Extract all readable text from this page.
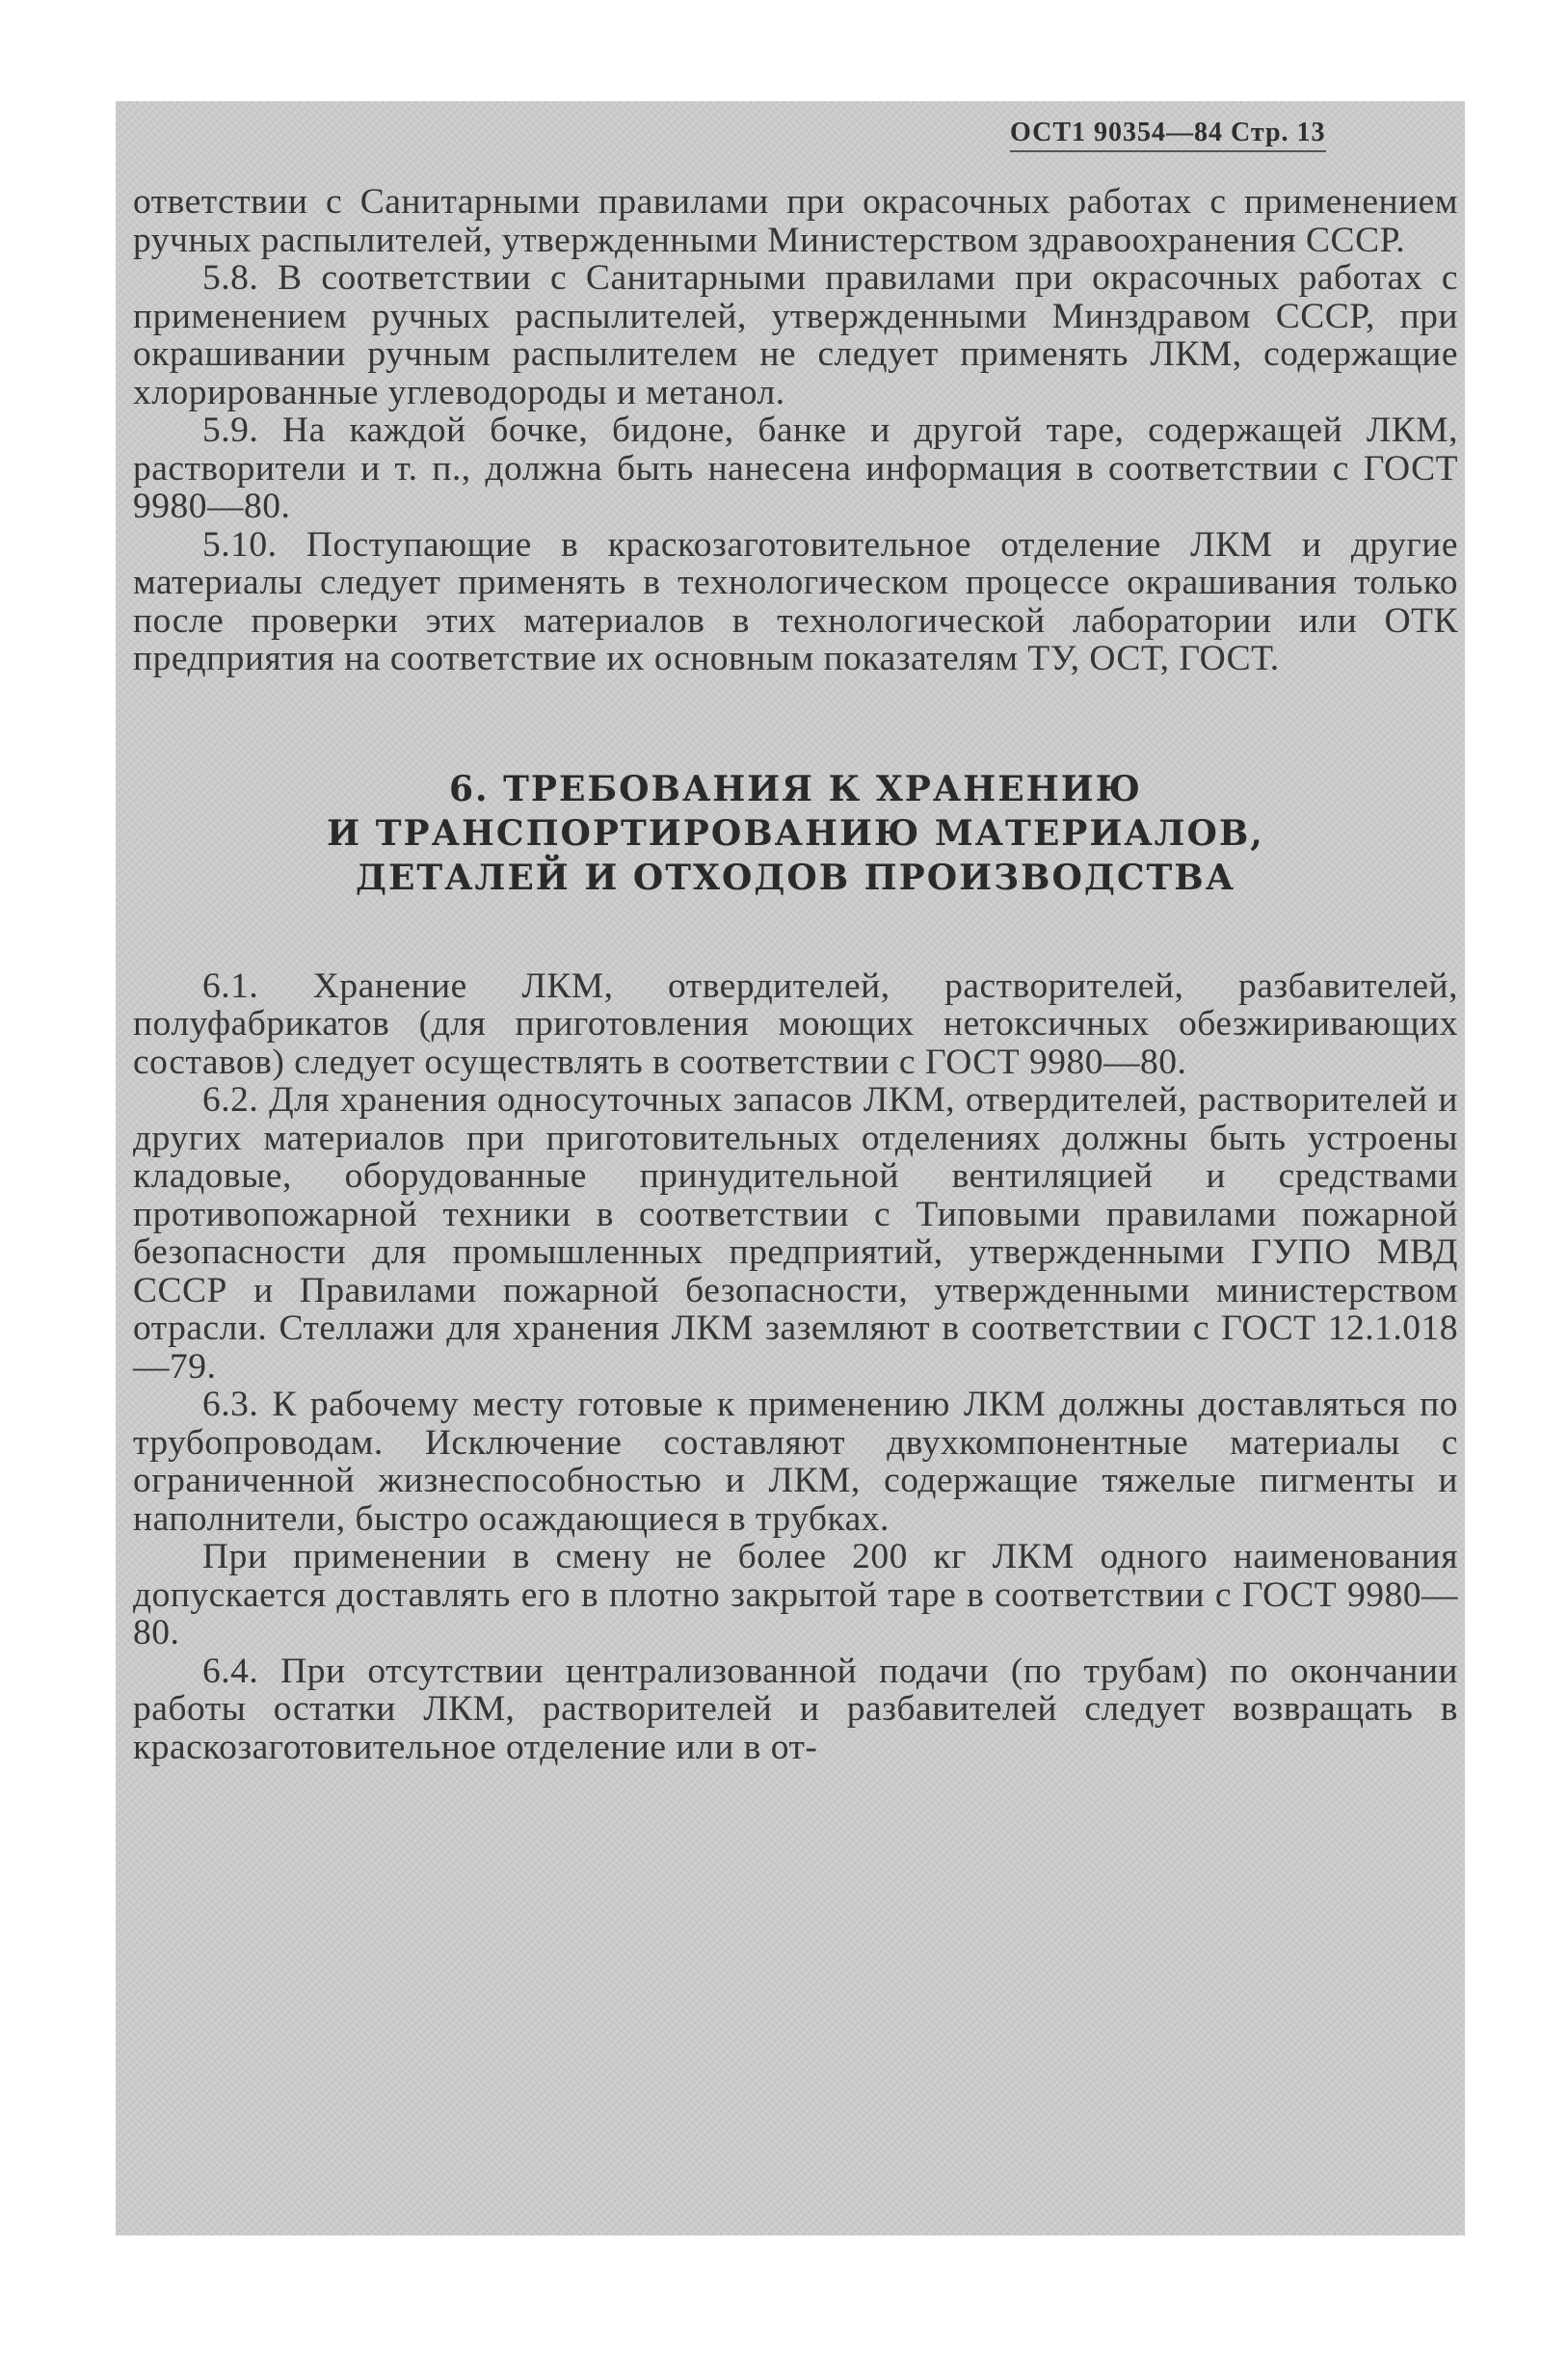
ОСТ1 90354—84 Стр. 13

ответствии с Санитарными правилами при окрасочных работах с применением ручных распылителей, утвержденными Министерством здравоохранения СССР.

5.8. В соответствии с Санитарными правилами при окрасочных работах с применением ручных распылителей, утвержденными Минздравом СССР, при окрашивании ручным распылителем не следует применять ЛКМ, содержащие хлорированные углеводороды и метанол.

5.9. На каждой бочке, бидоне, банке и другой таре, содержащей ЛКМ, растворители и т. п., должна быть нанесена информация в соответствии с ГОСТ 9980—80.

5.10. Поступающие в краскозаготовительное отделение ЛКМ и другие материалы следует применять в технологическом процессе окрашивания только после проверки этих материалов в технологической лаборатории или ОТК предприятия на соответствие их основным показателям ТУ, ОСТ, ГОСТ.

6. ТРЕБОВАНИЯ К ХРАНЕНИЮ
И ТРАНСПОРТИРОВАНИЮ МАТЕРИАЛОВ,
ДЕТАЛЕЙ И ОТХОДОВ ПРОИЗВОДСТВА

6.1. Хранение ЛКМ, отвердителей, растворителей, разбавителей, полуфабрикатов (для приготовления моющих нетоксичных обезжиривающих составов) следует осуществлять в соответствии с ГОСТ 9980—80.

6.2. Для хранения односуточных запасов ЛКМ, отвердителей, растворителей и других материалов при приготовительных отделениях должны быть устроены кладовые, оборудованные принудительной вентиляцией и средствами противопожарной техники в соответствии с Типовыми правилами пожарной безопасности для промышленных предприятий, утвержденными ГУПО МВД СССР и Правилами пожарной безопасности, утвержденными министерством отрасли. Стеллажи для хранения ЛКМ заземляют в соответствии с ГОСТ 12.1.018—79.

6.3. К рабочему месту готовые к применению ЛКМ должны доставляться по трубопроводам. Исключение составляют двухкомпонентные материалы с ограниченной жизнеспособностью и ЛКМ, содержащие тяжелые пигменты и наполнители, быстро осаждающиеся в трубках.

При применении в смену не более 200 кг ЛКМ одного наименования допускается доставлять его в плотно закрытой таре в соответствии с ГОСТ 9980—80.

6.4. При отсутствии централизованной подачи (по трубам) по окончании работы остатки ЛКМ, растворителей и разбавителей следует возвращать в краскозаготовительное отделение или в от-
